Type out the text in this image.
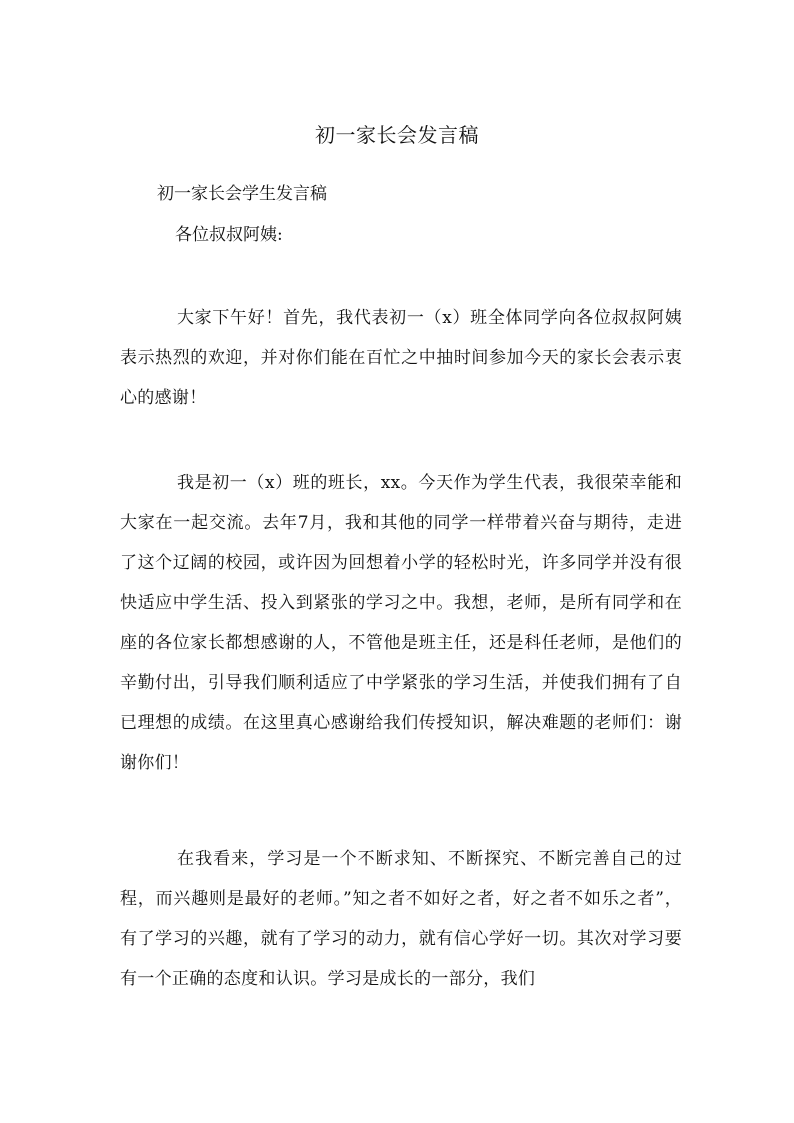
初一家长会发言稿
初一家长会学生发言稿
各位叔叔阿姨:

大家下午好！首先，我代表初一（x）班全体同学向各位叔叔阿姨表示热烈的欢迎，并对你们能在百忙之中抽时间参加今天的家长会表示衷心的感谢！

我是初一（x）班的班长，xx。今天作为学生代表，我很荣幸能和大家在一起交流。去年7月，我和其他的同学一样带着兴奋与期待，走进了这个辽阔的校园，或许因为回想着小学的轻松时光，许多同学并没有很快适应中学生活、投入到紧张的学习之中。我想，老师，是所有同学和在座的各位家长都想感谢的人，不管他是班主任，还是科任老师，是他们的辛勤付出，引导我们顺利适应了中学紧张的学习生活，并使我们拥有了自已理想的成绩。在这里真心感谢给我们传授知识，解决难题的老师们：谢谢你们！

在我看来，学习是一个不断求知、不断探究、不断完善自己的过程，而兴趣则是最好的老师。”知之者不如好之者，好之者不如乐之者”，有了学习的兴趣，就有了学习的动力，就有信心学好一切。其次对学习要有一个正确的态度和认识。学习是成长的一部分，我们
